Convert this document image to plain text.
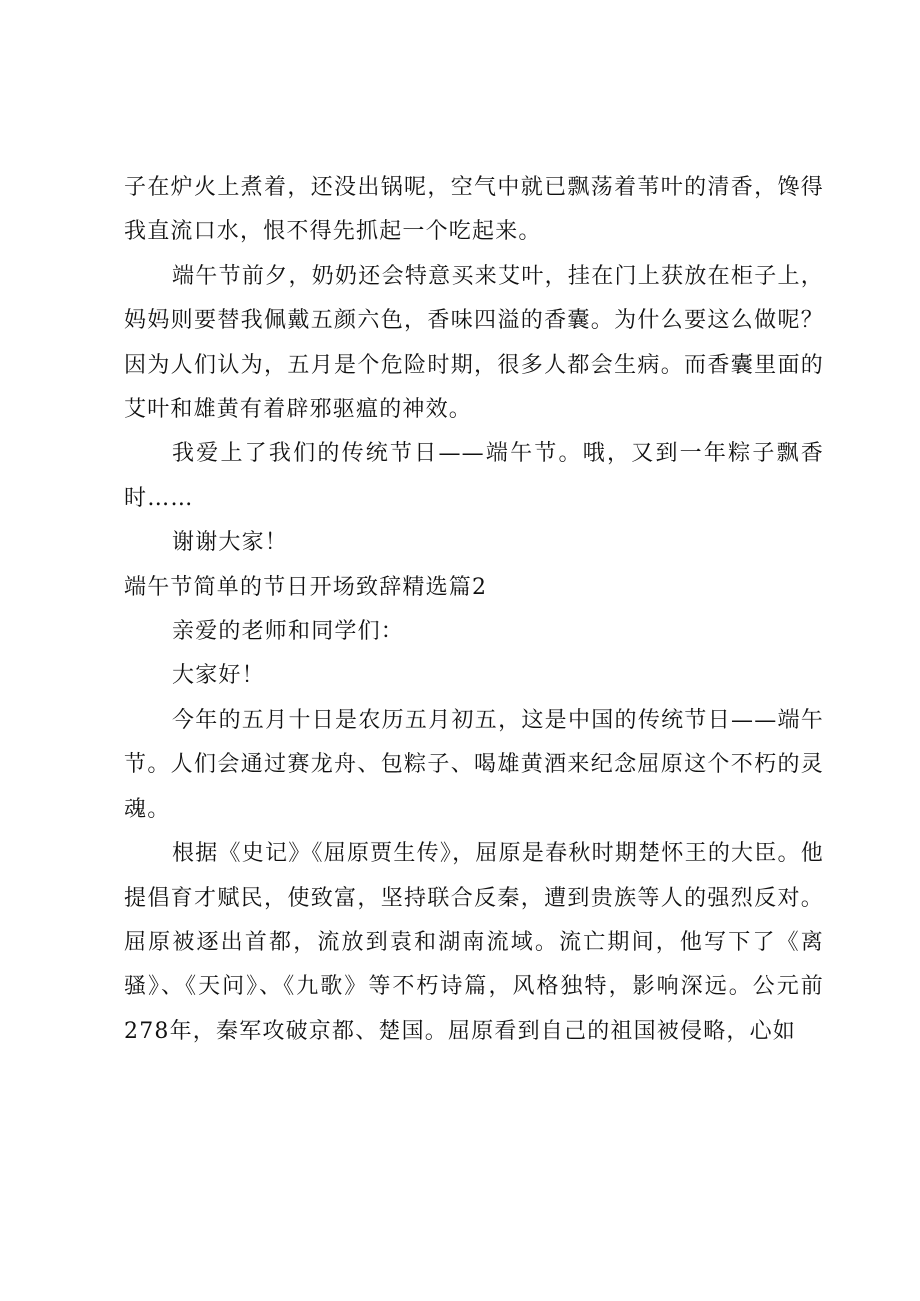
子在炉火上煮着，还没出锅呢，空气中就已飘荡着苇叶的清香，馋得我直流口水，恨不得先抓起一个吃起来。

端午节前夕，奶奶还会特意买来艾叶，挂在门上获放在柜子上，妈妈则要替我佩戴五颜六色，香味四溢的香囊。为什么要这么做呢？因为人们认为，五月是个危险时期，很多人都会生病。而香囊里面的艾叶和雄黄有着辟邪驱瘟的神效。

我爱上了我们的传统节日——端午节。哦，又到一年粽子飘香时……

谢谢大家！

端午节简单的节日开场致辞精选篇2

亲爱的老师和同学们：

大家好！

今年的五月十日是农历五月初五，这是中国的传统节日——端午节。人们会通过赛龙舟、包粽子、喝雄黄酒来纪念屈原这个不朽的灵魂。

根据《史记》《屈原贾生传》，屈原是春秋时期楚怀王的大臣。他提倡育才赋民，使致富，坚持联合反秦，遭到贵族等人的强烈反对。屈原被逐出首都，流放到袁和湖南流域。流亡期间，他写下了《离骚》、《天问》、《九歌》等不朽诗篇，风格独特，影响深远。公元前278年，秦军攻破京都、楚国。屈原看到自己的祖国被侵略，心如
